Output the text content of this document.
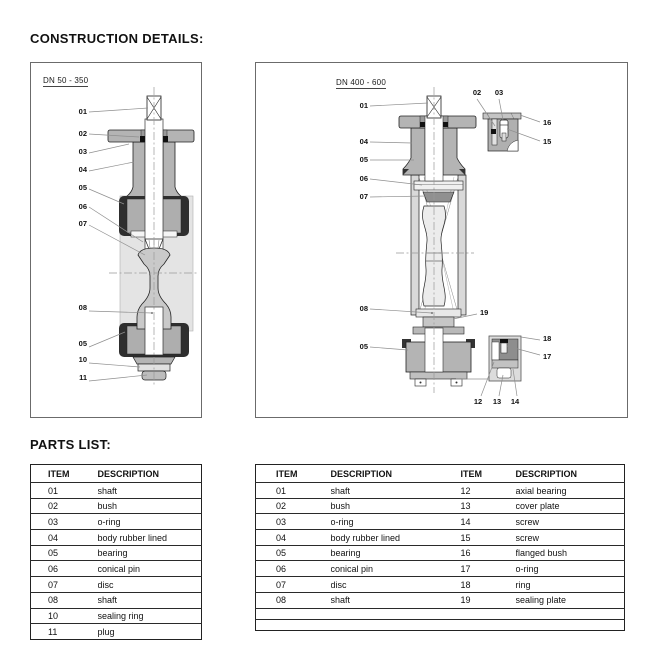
CONSTRUCTION DETAILS:
DN 50 - 350
01
02
03
04
05
06
07
08
05
10
11
DN 400 - 600
01
04
05
06
07
08
05
02	03
16
15
19
18
17
12	13	14
PARTS LIST:
ITEM	DESCRIPTION
01	shaft
02	bush
03	o-ring
04	body rubber lined
05	bearing
06	conical pin
07	disc
08	shaft
10	sealing ring
11	plug
ITEM	DESCRIPTION	ITEM	DESCRIPTION
01	shaft	12	axial bearing
02	bush	13	cover plate
03	o-ring	14	screw
04	body rubber lined	15	screw
05	bearing	16	flanged bush
06	conical pin	17	o-ring
07	disc	18	ring
08	shaft	19	sealing plate
